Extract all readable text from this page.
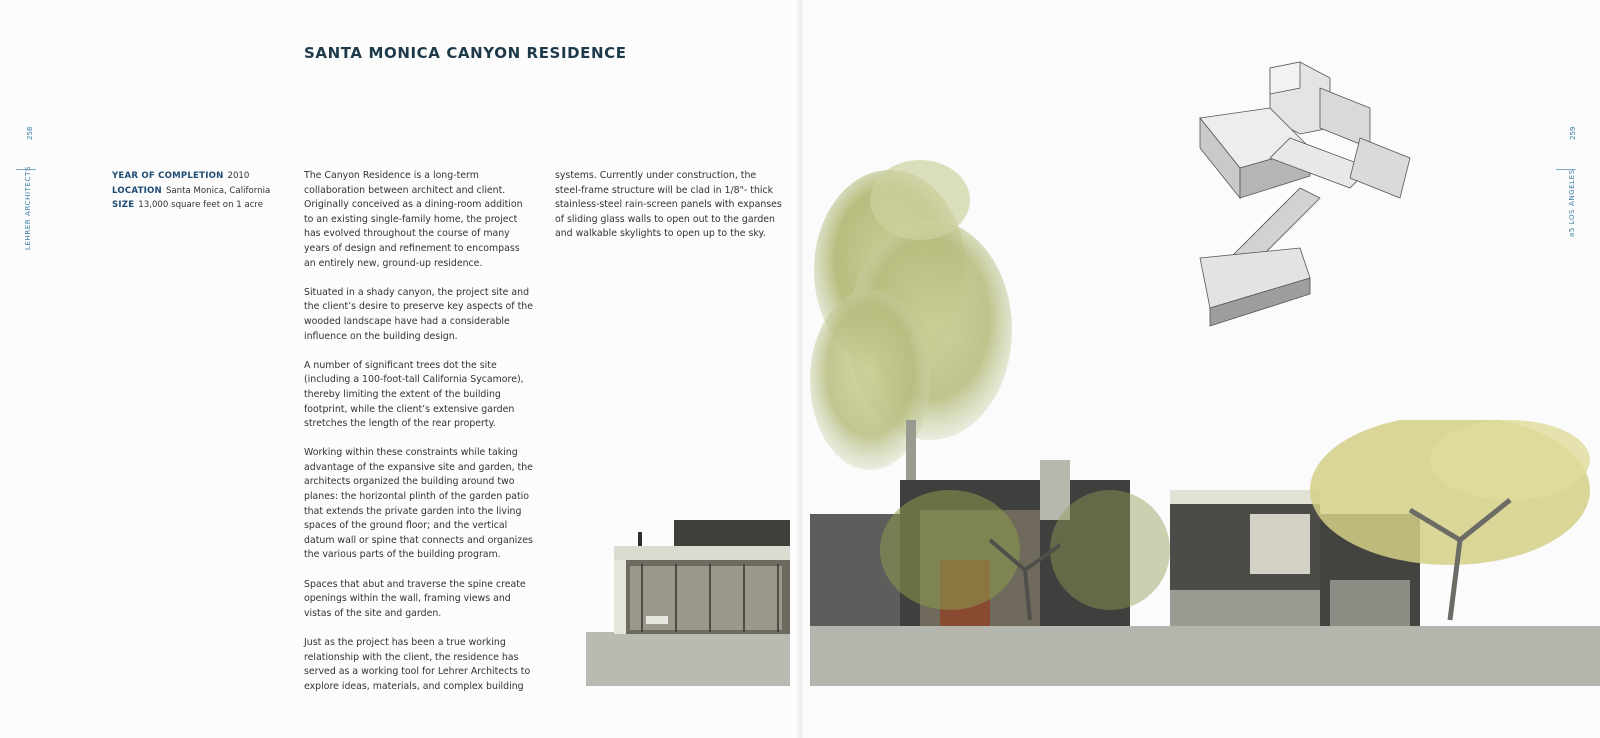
258
LEHRER ARCHITECTS
259
a5 LOS ANGELES
SANTA MONICA CANYON RESIDENCE
YEAR OF COMPLETION 2010
LOCATION Santa Monica, California
SIZE 13,000 square feet on 1 acre

The Canyon Residence is a long-term collaboration between architect and client. Originally conceived as a dining-room addition to an existing single-family home, the project has evolved throughout the course of many years of design and refinement to encompass an entirely new, ground-up residence.

Situated in a shady canyon, the project site and the client’s desire to preserve key aspects of the wooded landscape have had a considerable influence on the building design.

A number of significant trees dot the site (including a 100-foot-tall California Sycamore), thereby limiting the extent of the building footprint, while the client’s extensive garden stretches the length of the rear property.

Working within these constraints while taking advantage of the expansive site and garden, the architects organized the building around two planes: the horizontal plinth of the garden patio that extends the private garden into the living spaces of the ground floor; and the vertical datum wall or spine that connects and organizes the various parts of the building program.

Spaces that abut and traverse the spine create openings within the wall, framing views and vistas of the site and garden.

Just as the project has been a true working relationship with the client, the residence has served as a working tool for Lehrer Architects to explore ideas, materials, and complex building

systems. Currently under construction, the steel-frame structure will be clad in 1/8"- thick stainless-steel rain-screen panels with expanses of sliding glass walls to open out to the garden and walkable skylights to open up to the sky.
